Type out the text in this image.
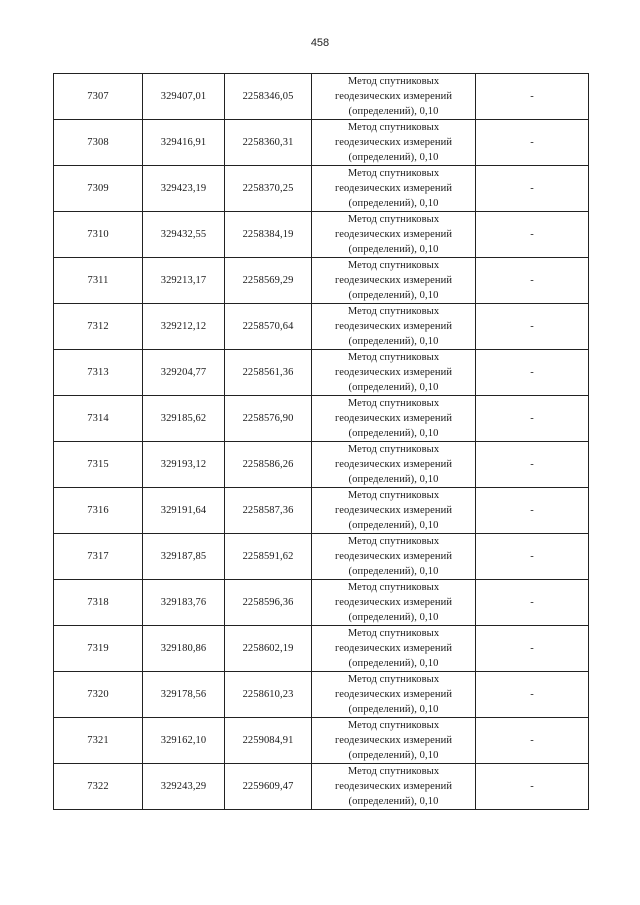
458
7307	329407,01	2258346,05	Метод спутниковых
геодезических измерений
(определений), 0,10	-
7308	329416,91	2258360,31	Метод спутниковых
геодезических измерений
(определений), 0,10	-
7309	329423,19	2258370,25	Метод спутниковых
геодезических измерений
(определений), 0,10	-
7310	329432,55	2258384,19	Метод спутниковых
геодезических измерений
(определений), 0,10	-
7311	329213,17	2258569,29	Метод спутниковых
геодезических измерений
(определений), 0,10	-
7312	329212,12	2258570,64	Метод спутниковых
геодезических измерений
(определений), 0,10	-
7313	329204,77	2258561,36	Метод спутниковых
геодезических измерений
(определений), 0,10	-
7314	329185,62	2258576,90	Метод спутниковых
геодезических измерений
(определений), 0,10	-
7315	329193,12	2258586,26	Метод спутниковых
геодезических измерений
(определений), 0,10	-
7316	329191,64	2258587,36	Метод спутниковых
геодезических измерений
(определений), 0,10	-
7317	329187,85	2258591,62	Метод спутниковых
геодезических измерений
(определений), 0,10	-
7318	329183,76	2258596,36	Метод спутниковых
геодезических измерений
(определений), 0,10	-
7319	329180,86	2258602,19	Метод спутниковых
геодезических измерений
(определений), 0,10	-
7320	329178,56	2258610,23	Метод спутниковых
геодезических измерений
(определений), 0,10	-
7321	329162,10	2259084,91	Метод спутниковых
геодезических измерений
(определений), 0,10	-
7322	329243,29	2259609,47	Метод спутниковых
геодезических измерений
(определений), 0,10	-
